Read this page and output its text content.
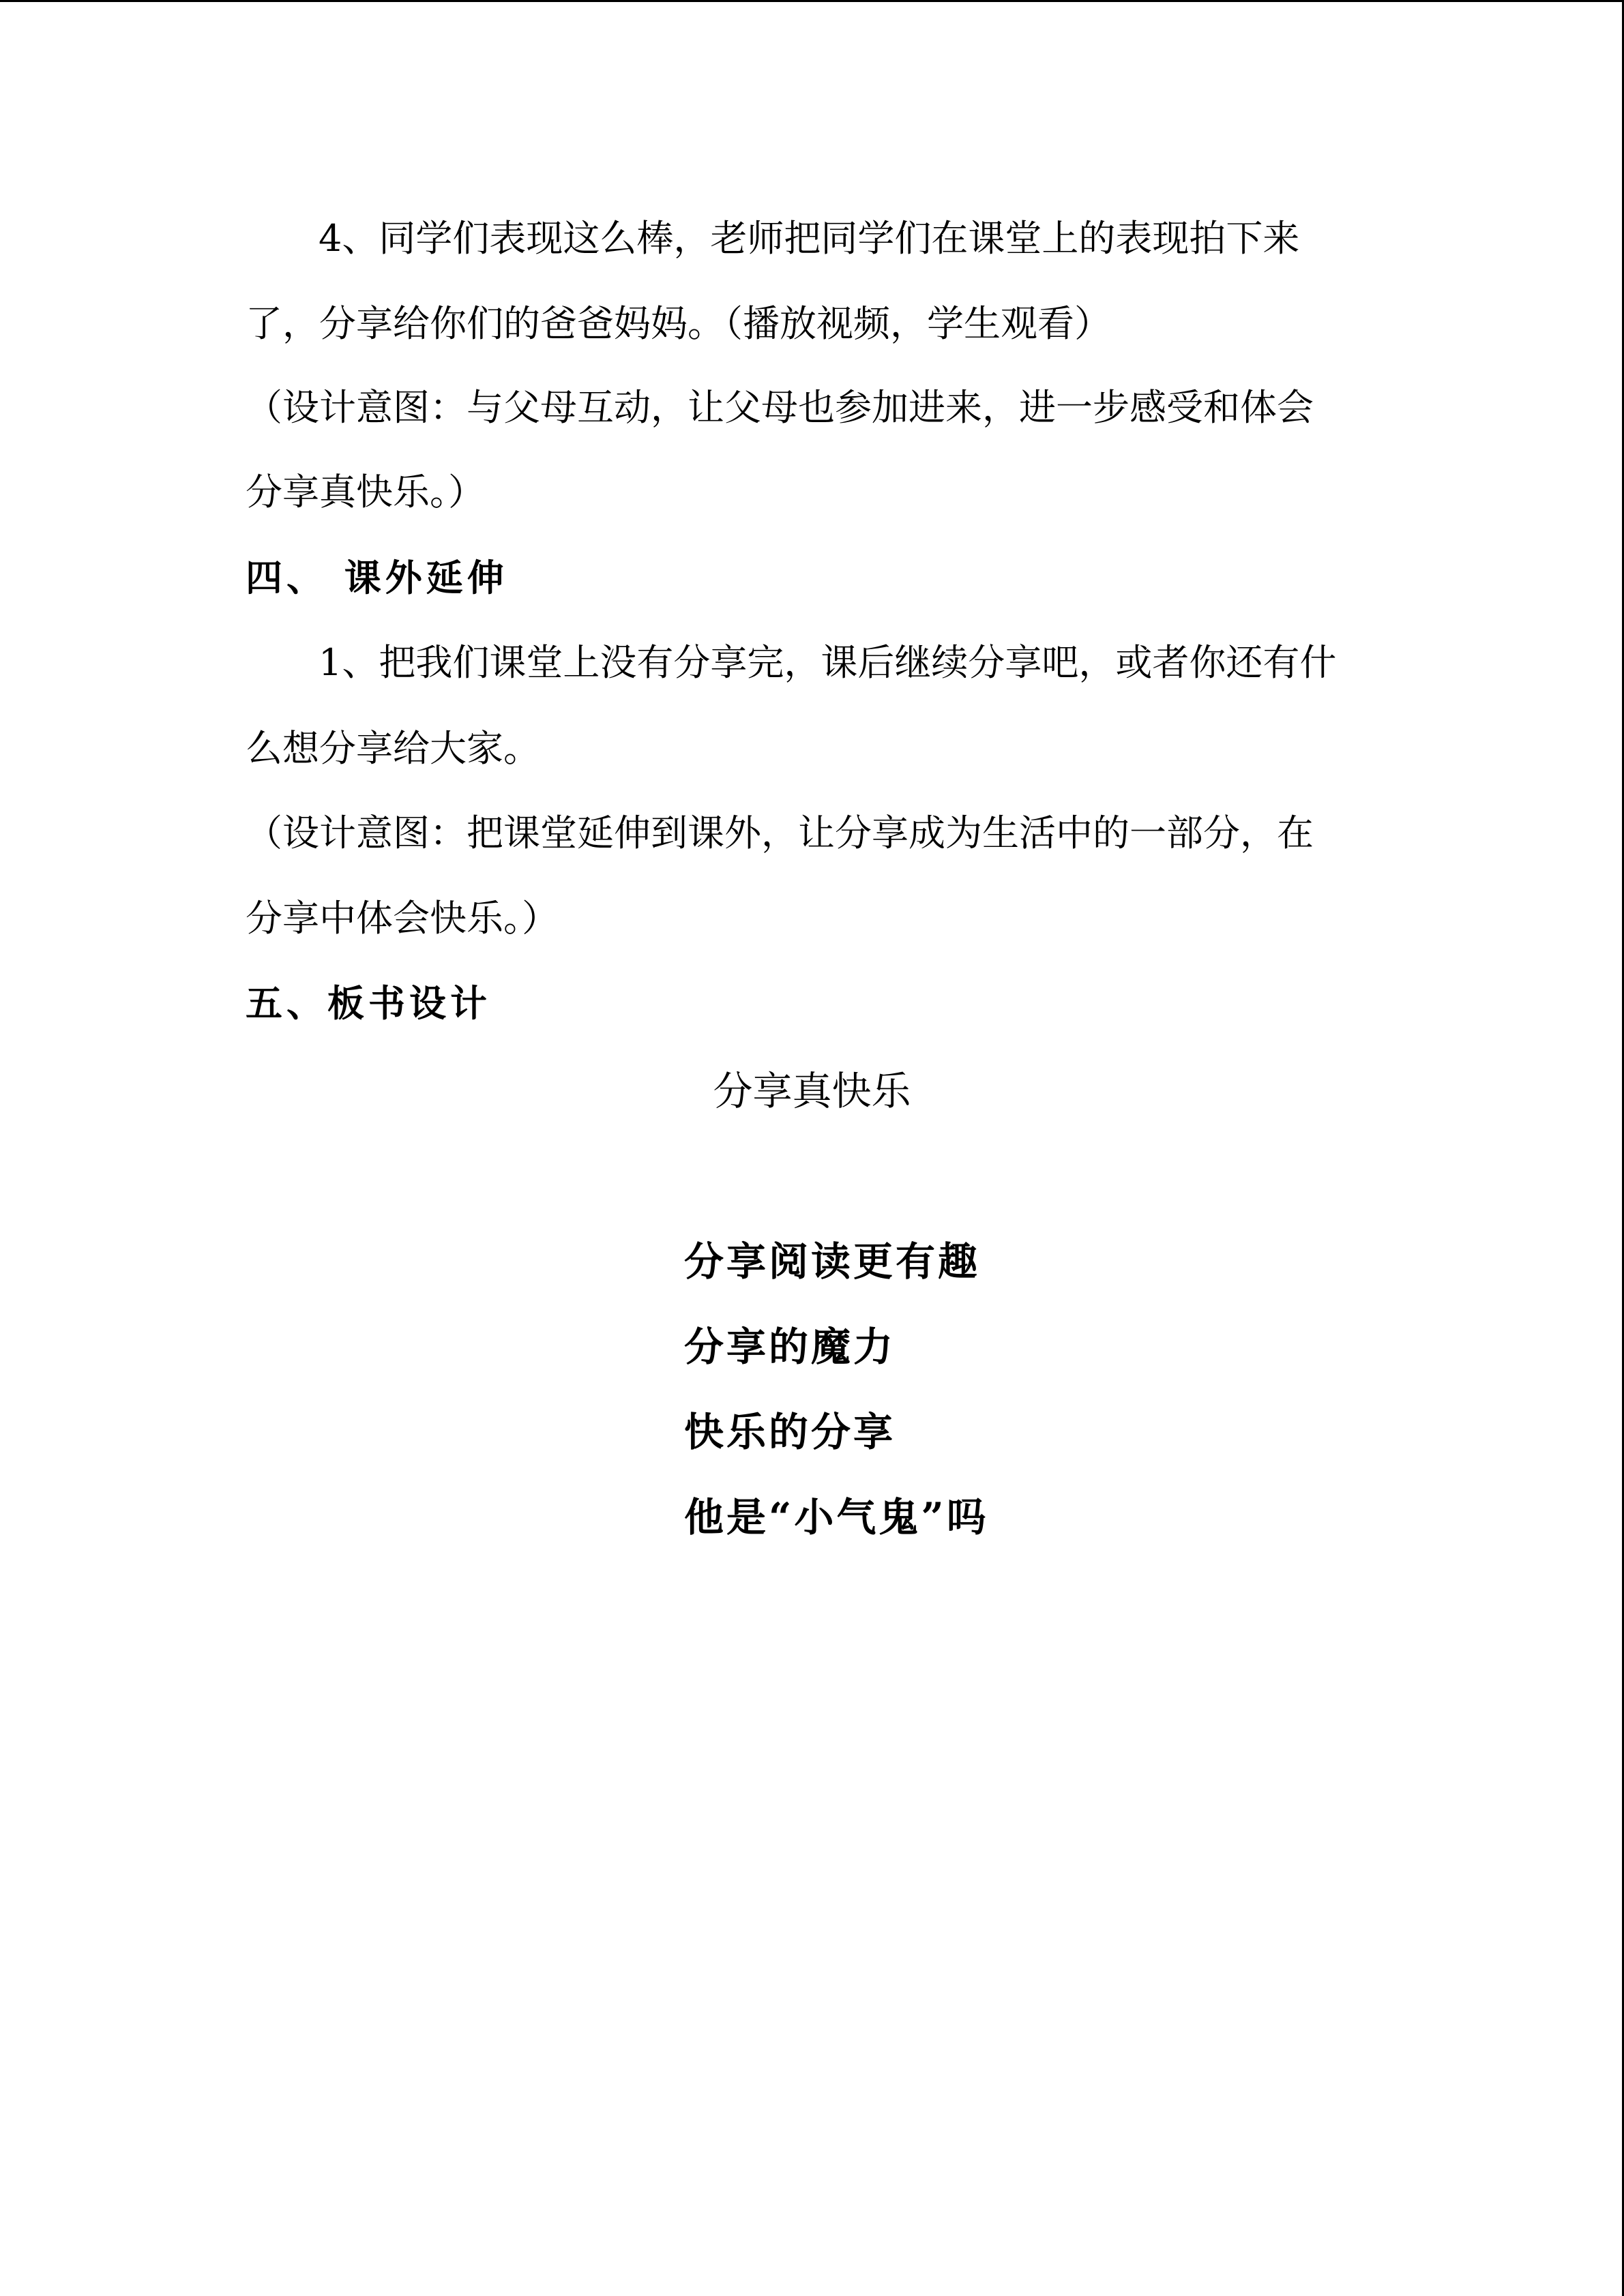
4、同学们表现这么棒，老师把同学们在课堂上的表现拍下来
了，分享给你们的爸爸妈妈。（播放视频，学生观看）
（设计意图：与父母互动，让父母也参加进来，进一步感受和体会
分享真快乐。）
四、 课外延伸
1、把我们课堂上没有分享完，课后继续分享吧，或者你还有什
么想分享给大家。
（设计意图：把课堂延伸到课外，让分享成为生活中的一部分，在
分享中体会快乐。）
五、板书设计
分享真快乐
分享阅读更有趣
分享的魔力
快乐的分享
他是“小气鬼”吗
